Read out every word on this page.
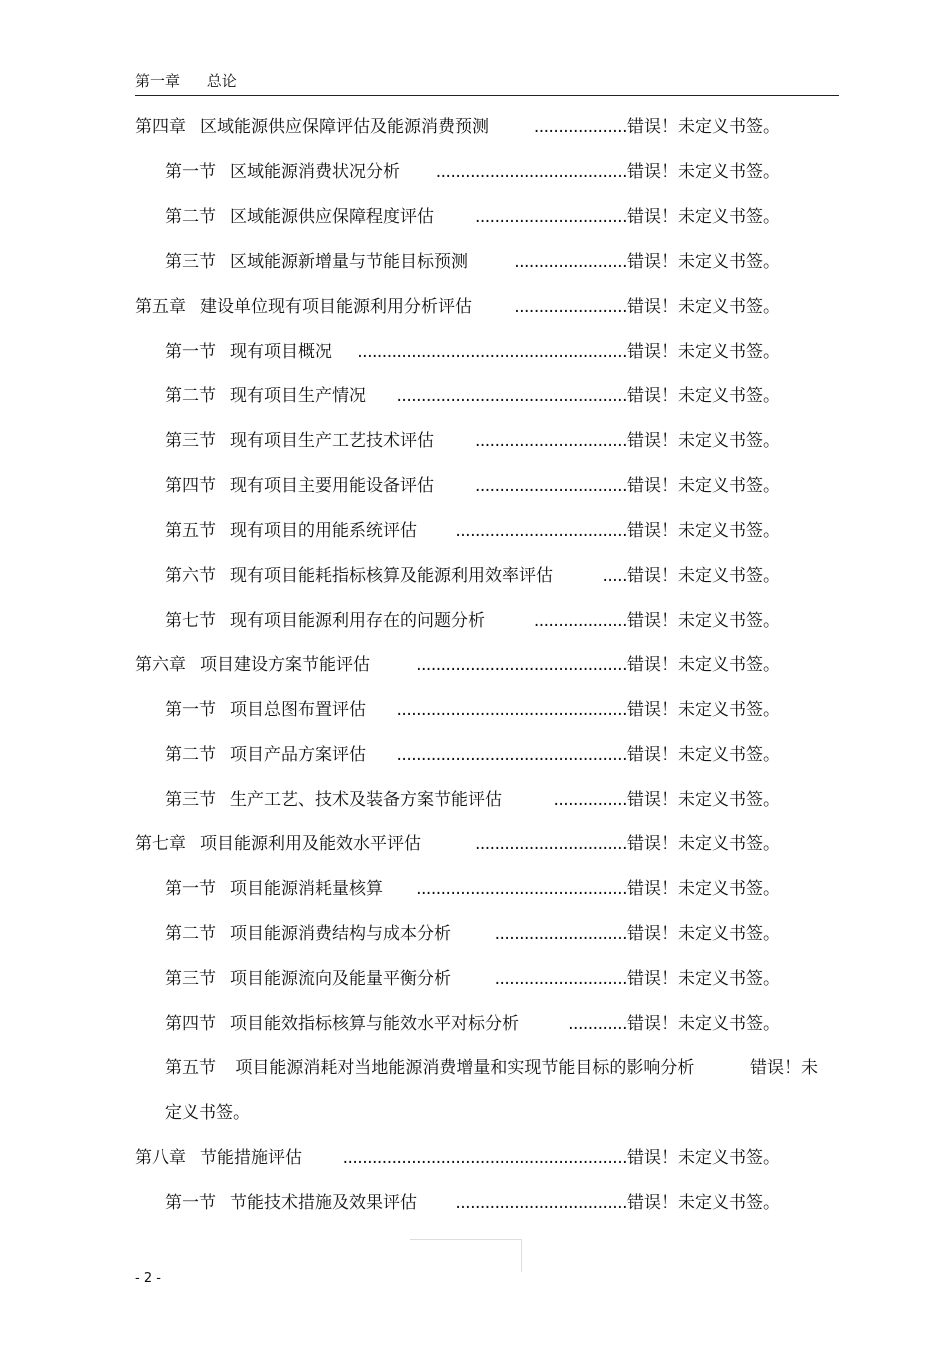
第一章 总论
第四章 区域能源供应保障评估及能源消费预测	................... 错误！未定义书签。
第一节 区域能源消费状况分析 ....................................... 错误！未定义书签。
第二节 区域能源供应保障程度评估 ............................... 错误！未定义书签。
第三节 区域能源新增量与节能目标预测	....................... 错误！未定义书签。
第五章 建设单位现有项目能源利用分析评估 ....................... 错误！未定义书签。
第一节 现有项目概况 ....................................................... 错误！未定义书签。
第二节 现有项目生产情况 ............................................... 错误！未定义书签。
第三节 现有项目生产工艺技术评估 ............................... 错误！未定义书签。
第四节 现有项目主要用能设备评估 ............................... 错误！未定义书签。
第五节 现有项目的用能系统评估 ................................... 错误！未定义书签。
第六节 现有项目能耗指标核算及能源利用效率评估	..... 错误！未定义书签。
第七节 现有项目能源利用存在的问题分析	................... 错误！未定义书签。
第六章 项目建设方案节能评估	........................................... 错误！未定义书签。
第一节 项目总图布置评估 ............................................... 错误！未定义书签。
第二节 项目产品方案评估 ............................................... 错误！未定义书签。
第三节 生产工艺、技术及装备方案节能评估	............... 错误！未定义书签。
第七章 项目能源利用及能效水平评估	............................... 错误！未定义书签。
第一节 项目能源消耗量核算 ........................................... 错误！未定义书签。
第二节 项目能源消费结构与成本分析	........................... 错误！未定义书签。
第三节 项目能源流向及能量平衡分析	........................... 错误！未定义书签。
第四节 项目能效指标核算与能效水平对标分析	............ 错误！未定义书签。
第八章 节能措施评估 .......................................................... 错误！未定义书签。
第一节 节能技术措施及效果评估 ................................... 错误！未定义书签。
第五节 项目能源消耗对当地能源消费增量和实现节能目标的影响分析	错误！未
定义书签。
- 2 -
